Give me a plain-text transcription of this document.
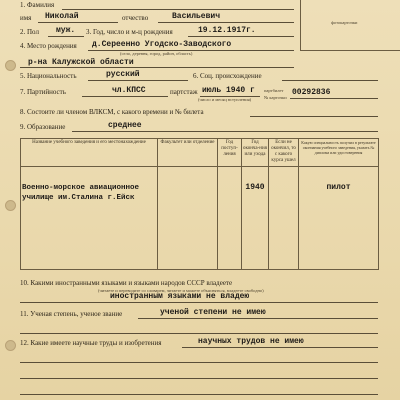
фотокарточки
1. Фамилия
имя Николай	отчество	Васильевич
2. Пол муж. 3. Год, число и м-ц рождения	19.12.1917г.
4. Место рождения д.Сереенно Угодско-Заводского
(село, деревня, город, район, область)
р-на Калужской области
5. Национальность	русский	6. Соц. происхождение
7. Партийность	чл.КПСС	партстаж июль 1940 г
(число и месяц вступления)
партбилет
№ карточки
00292836
8. Состоите ли членом ВЛКСМ, с какого времени и № билета
9. Образование	среднее
Название учебного заведения и его местонахождение	Факультет или отделение	Год поступ-ления	Год оконча-ния или ухода	Если не окончил, то с какого курса ушел	Какую специальность получил в результате окончания учебного заведения, указать № диплома или удостоверения
Военно-морское авиационное училище им.Сталина г.Ейск			1940		пилот
10. Какими иностранными языками и языками народов СССР владеете
(читаете и переводите со словарем, читаете и можете объясняться, владеете свободно)
иностранным языками не владею
11. Ученая степень, ученое звание	ученой степени не имею
12. Какие имеете научные труды и изобретения	научных трудов не имею
